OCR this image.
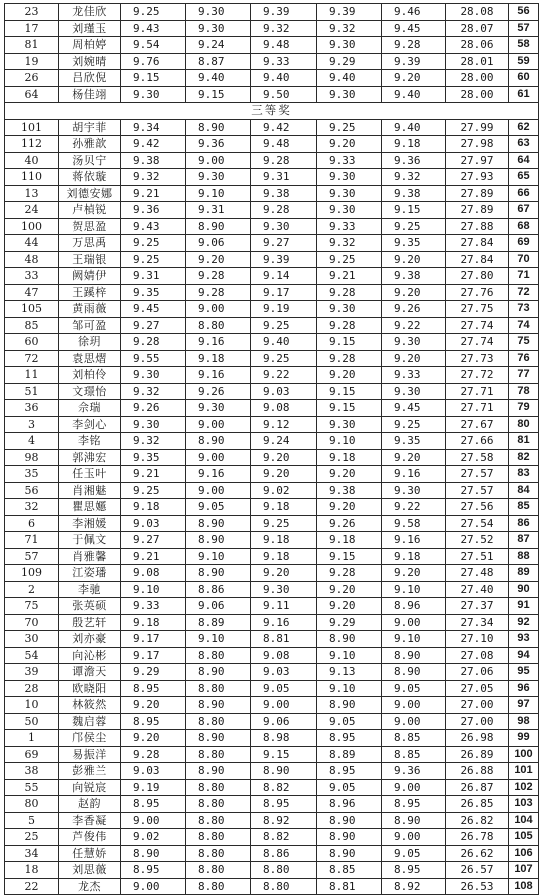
23	龙佳欣	9.25	9.30	9.39	9.39	9.46	28.08	56
17	刘瑾玉	9.43	9.30	9.32	9.32	9.45	28.07	57
81	周柏婷	9.54	9.24	9.48	9.30	9.28	28.06	58
19	刘婉晴	9.76	8.87	9.33	9.29	9.39	28.01	59
26	吕欣倪	9.15	9.40	9.40	9.40	9.20	28.00	60
64	杨佳翊	9.30	9.15	9.50	9.30	9.40	28.00	61
三等奖								
101	胡宇菲	9.34	8.90	9.42	9.25	9.40	27.99	62
112	孙雅歆	9.42	9.36	9.48	9.20	9.18	27.98	63
40	汤贝宁	9.38	9.00	9.28	9.33	9.36	27.97	64
110	蒋依璇	9.32	9.30	9.31	9.30	9.32	27.93	65
13	刘德安娜	9.21	9.10	9.38	9.30	9.38	27.89	66
24	卢楨锐	9.36	9.31	9.28	9.30	9.15	27.89	67
100	贺思盈	9.43	8.90	9.30	9.33	9.25	27.88	68
44	万思禹	9.25	9.06	9.27	9.32	9.35	27.84	69
48	王瑞银	9.25	9.20	9.39	9.25	9.20	27.84	70
33	阙婧伊	9.31	9.28	9.14	9.21	9.38	27.80	71
47	王蹊梓	9.35	9.28	9.17	9.28	9.20	27.76	72
105	黄雨薇	9.45	9.00	9.19	9.30	9.26	27.75	73
85	邹可盈	9.27	8.80	9.25	9.28	9.22	27.74	74
60	徐玥	9.28	9.16	9.40	9.15	9.30	27.74	75
72	袁思熠	9.55	9.18	9.25	9.28	9.20	27.73	76
11	刘柏伶	9.30	9.16	9.22	9.20	9.33	27.72	77
51	文璟怡	9.32	9.26	9.03	9.15	9.30	27.71	78
36	佘瑞	9.26	9.30	9.08	9.15	9.45	27.71	79
3	李剑心	9.30	9.00	9.12	9.30	9.25	27.67	80
4	李铭	9.32	8.90	9.24	9.10	9.35	27.66	81
98	郭沸宏	9.35	9.00	9.20	9.18	9.20	27.58	82
35	任玉叶	9.21	9.16	9.20	9.20	9.16	27.57	83
56	肖湘魅	9.25	9.00	9.02	9.38	9.30	27.57	84
32	瞿思嬺	9.18	9.05	9.18	9.20	9.22	27.56	85
6	李湘媛	9.03	8.90	9.25	9.26	9.58	27.54	86
71	于佩文	9.27	8.90	9.18	9.18	9.16	27.52	87
57	肖雅馨	9.21	9.10	9.18	9.15	9.18	27.51	88
109	江姿璠	9.08	8.90	9.20	9.28	9.20	27.48	89
2	李驰	9.10	8.86	9.30	9.20	9.10	27.40	90
75	张英硕	9.33	9.06	9.11	9.20	8.96	27.37	91
70	殷艺轩	9.18	8.89	9.16	9.29	9.00	27.34	92
30	刘亦豪	9.17	9.10	8.81	8.90	9.10	27.10	93
54	向沁彬	9.17	8.80	9.08	9.10	8.90	27.08	94
39	谭澹天	9.29	8.90	9.03	9.13	8.90	27.06	95
28	欧晓阳	8.95	8.80	9.05	9.10	9.05	27.05	96
10	林筱然	9.20	8.90	9.00	8.90	9.00	27.00	97
50	魏启蓉	8.95	8.80	9.06	9.05	9.00	27.00	98
1	邝侯尘	9.20	8.90	8.98	8.95	8.85	26.98	99
69	易振洋	9.28	8.80	9.15	8.89	8.85	26.89	100
38	彭雅兰	9.03	8.90	8.90	8.95	9.36	26.88	101
55	向锐宸	9.19	8.80	8.82	9.05	9.00	26.87	102
80	赵韵	8.95	8.80	8.95	8.96	8.95	26.85	103
5	李香凝	9.00	8.80	8.92	8.90	8.90	26.82	104
25	芦俊伟	9.02	8.80	8.82	8.90	9.00	26.78	105
34	任慧娇	8.90	8.80	8.86	8.90	9.05	26.62	106
18	刘思薇	8.95	8.80	8.80	8.85	8.95	26.57	107
22	龙杰	9.00	8.80	8.80	8.81	8.92	26.53	108
